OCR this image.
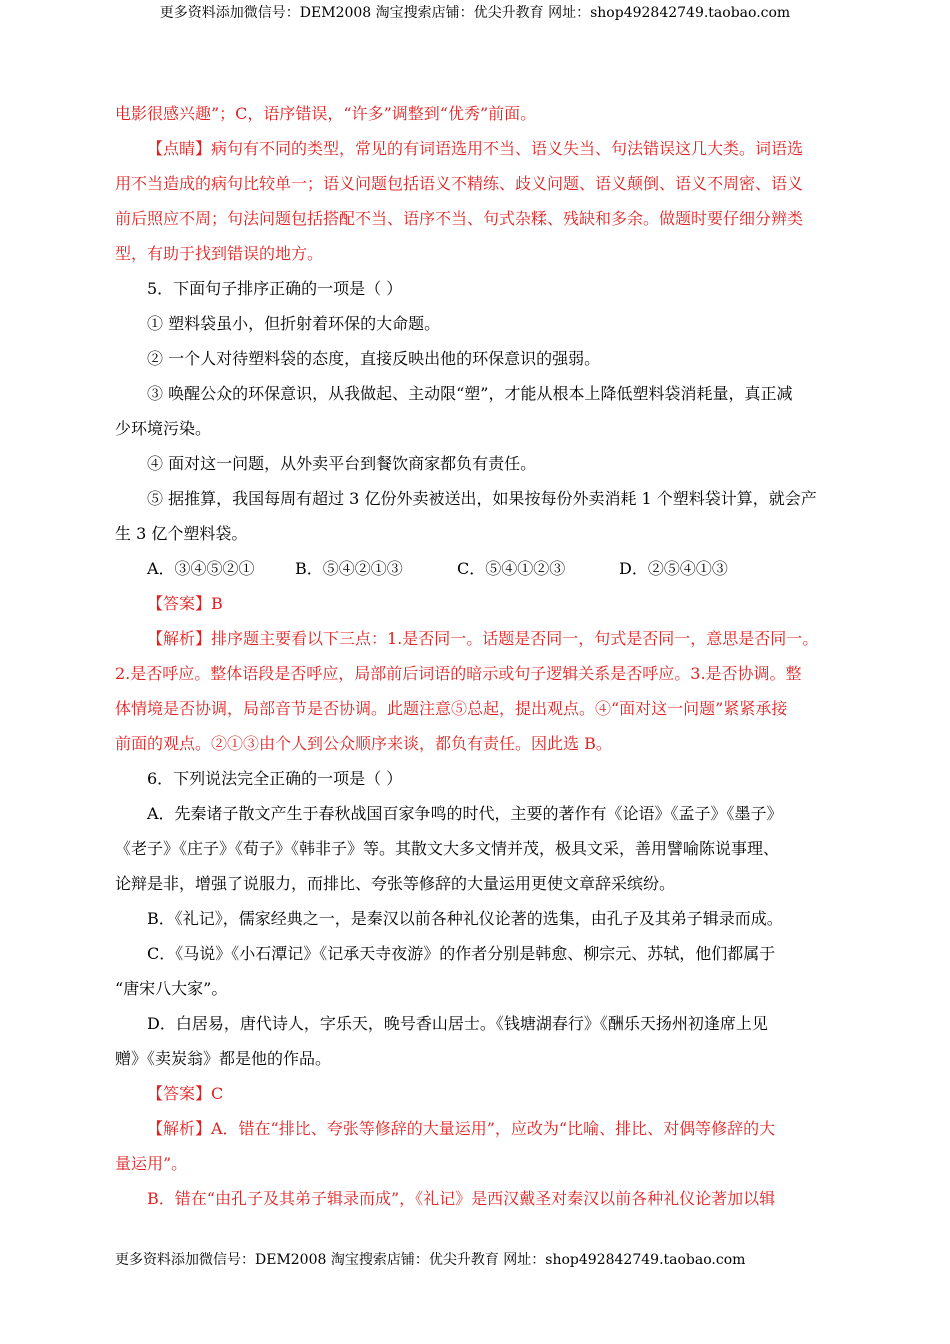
更多资料添加微信号：DEM2008 淘宝搜索店铺：优尖升教育 网址：shop492842749.taobao.com
电影很感兴趣”；C，语序错误，“许多”调整到“优秀”前面。
【点睛】病句有不同的类型，常见的有词语选用不当、语义失当、句法错误这几大类。词语选
用不当造成的病句比较单一；语义问题包括语义不精练、歧义问题、语义颠倒、语义不周密、语义
前后照应不周；句法问题包括搭配不当、语序不当、句式杂糅、残缺和多余。做题时要仔细分辨类
型，有助于找到错误的地方。
5．下面句子排序正确的一项是（ ）
① 塑料袋虽小，但折射着环保的大命题。
② 一个人对待塑料袋的态度，直接反映出他的环保意识的强弱。
③ 唤醒公众的环保意识，从我做起、主动限“塑”，才能从根本上降低塑料袋消耗量，真正减
少环境污染。
④ 面对这一问题，从外卖平台到餐饮商家都负有责任。
⑤ 据推算，我国每周有超过 3 亿份外卖被送出，如果按每份外卖消耗 1 个塑料袋计算，就会产
生 3 亿个塑料袋。
A．③④⑤②①	B．⑤④②①③	C．⑤④①②③	D．②⑤④①③
【答案】B
【解析】排序题主要看以下三点：1.是否同一。话题是否同一，句式是否同一，意思是否同一。
2.是否呼应。整体语段是否呼应，局部前后词语的暗示或句子逻辑关系是否呼应。3.是否协调。整
体情境是否协调，局部音节是否协调。此题注意⑤总起，提出观点。④“面对这一问题”紧紧承接
前面的观点。②①③由个人到公众顺序来谈，都负有责任。因此选 B。
6．下列说法完全正确的一项是（ ）
A．先秦诸子散文产生于春秋战国百家争鸣的时代，主要的著作有《论语》《孟子》《墨子》
《老子》《庄子》《荀子》《韩非子》等。其散文大多文情并茂，极具文采，善用譬喻陈说事理、
论辩是非，增强了说服力，而排比、夸张等修辞的大量运用更使文章辞采缤纷。
B．《礼记》，儒家经典之一，是秦汉以前各种礼仪论著的选集，由孔子及其弟子辑录而成。
C．《马说》《小石潭记》《记承天寺夜游》的作者分别是韩愈、柳宗元、苏轼，他们都属于
“唐宋八大家”。
D．白居易，唐代诗人，字乐天，晚号香山居士。《钱塘湖春行》《酬乐天扬州初逢席上见
赠》《卖炭翁》都是他的作品。
【答案】C
【解析】A．错在“排比、夸张等修辞的大量运用”，应改为“比喻、排比、对偶等修辞的大
量运用”。
B．错在“由孔子及其弟子辑录而成”，《礼记》是西汉戴圣对秦汉以前各种礼仪论著加以辑
更多资料添加微信号：DEM2008 淘宝搜索店铺：优尖升教育 网址：shop492842749.taobao.com
